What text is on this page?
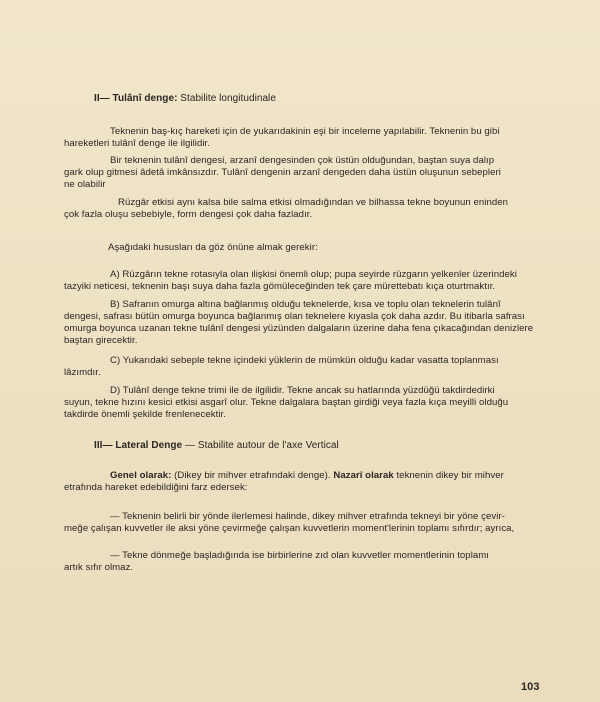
II— Tulânî denge: Stabilite longitudinale

Teknenin baş-kıç hareketi için de yukarıdakinin eşi bir inceleme yapılabilir. Teknenin bu gibi

hareketleri tulânî denge ile ilgilidir.

Bir teknenin tulânî dengesi, arzanî dengesinden çok üstün olduğundan, baştan suya dalıp

gark olup gitmesi âdetâ imkânsızdır. Tulânî dengenin arzanî dengeden daha üstün oluşunun sebepleri

ne olabilir

Rüzgâr etkisi aynı kalsa bile salma etkisi olmadığından ve bilhassa tekne boyunun eninden

çok fazla oluşu sebebiyle, form dengesi çok daha fazladır.

Aşağıdaki hususları da göz önüne almak gerekir:

A) Rüzgârın tekne rotasıyla olan ilişkisi önemli olup; pupa seyirde rüzgarın yelkenler üzerindeki

tazyiki neticesi, teknenin başı suya daha fazla gömüleceğinden tek çare mürettebatı kıça oturtmaktır.

B) Safranın omurga altına bağlanmış olduğu teknelerde, kısa ve toplu olan teknelerin tulânî

dengesi, safrası bütün omurga boyunca bağlanmış olan teknelere kıyasla çok daha azdır. Bu itibarla safrası

omurga boyunca uzanan tekne tulânî dengesi yüzünden dalgaların üzerine daha fena çıkacağından denizlere

baştan girecektir.

C) Yukarıdaki sebeple tekne içindeki yüklerin de mümkün olduğu kadar vasatta toplanması

lâzımdır.

D) Tulânî denge tekne trimi ile de ilgilidir. Tekne ancak su hatlarında yüzdüğü takdirdedirki

suyun, tekne hızını kesici etkisi asgarî olur. Tekne dalgalara baştan girdiği veya fazla kıça meyilli olduğu

takdirde önemli şekilde frenlenecektir.

III— Lateral Denge — Stabilite autour de l'axe Vertical

Genel olarak: (Dikey bir mihver etrafındaki denge). Nazarî olarak teknenin dikey bir mihver

etrafında hareket edebildiğini farz edersek:

— Teknenin belirli bir yönde ilerlemesi halinde, dikey mihver etrafında tekneyi bir yöne çevir-

meğe çalışan kuvvetler ile aksi yöne çevirmeğe çalışan kuvvetlerin moment'lerinin toplamı sıfırdır; ayrıca,

— Tekne dönmeğe başladığında ise birbirlerine zıd olan kuvvetler momentlerinin toplamı

artık sıfır olmaz.

103
